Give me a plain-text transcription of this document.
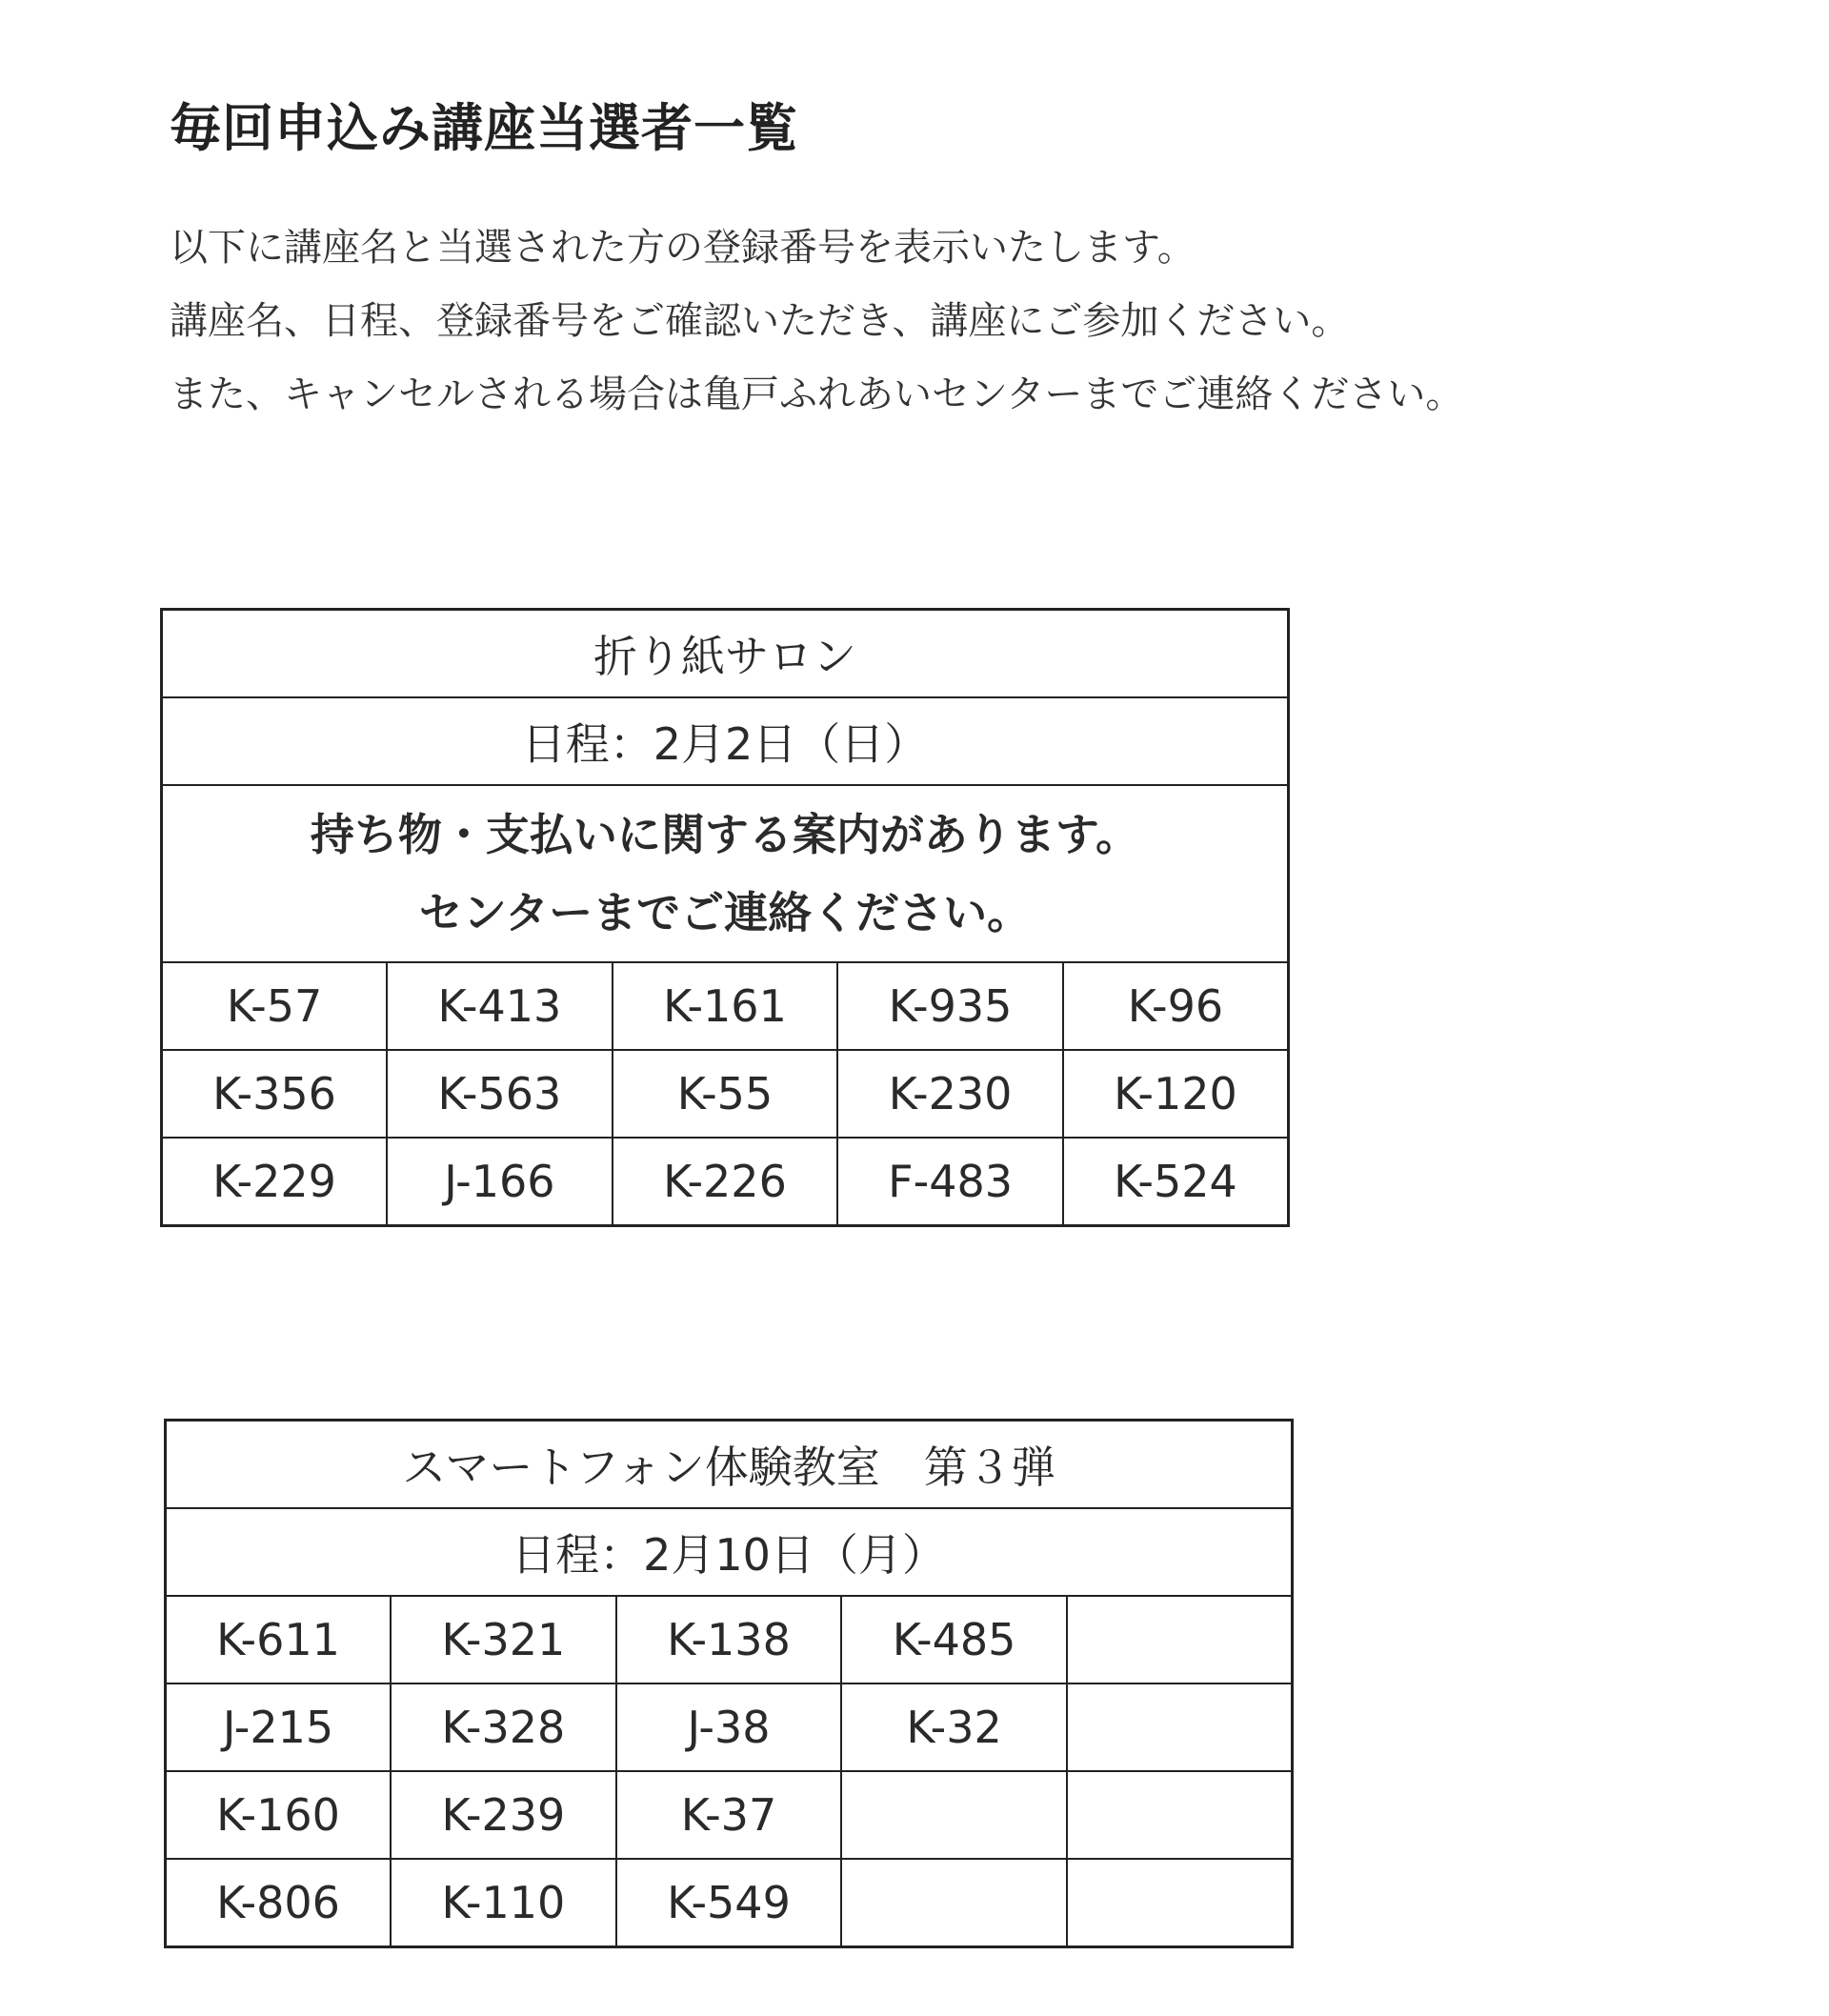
毎回申込み講座当選者一覧
以下に講座名と当選された方の登録番号を表示いたします。
講座名、日程、登録番号をご確認いただき、講座にご参加ください。
また、キャンセルされる場合は亀戸ふれあいセンターまでご連絡ください。
折り紙サロン				
日程：2月2日（日）				

持ち物・支払いに関する案内があります。
センターまでご連絡ください。				

K-57	K-413	K-161	K-935	K-96
K-356	K-563	K-55	K-230	K-120
K-229	J-166	K-226	F-483	K-524
スマートフォン体験教室　第３弾				
日程：2月10日（月）				
K-611	K-321	K-138	K-485	
J-215	K-328	J-38	K-32	
K-160	K-239	K-37		
K-806	K-110	K-549		
